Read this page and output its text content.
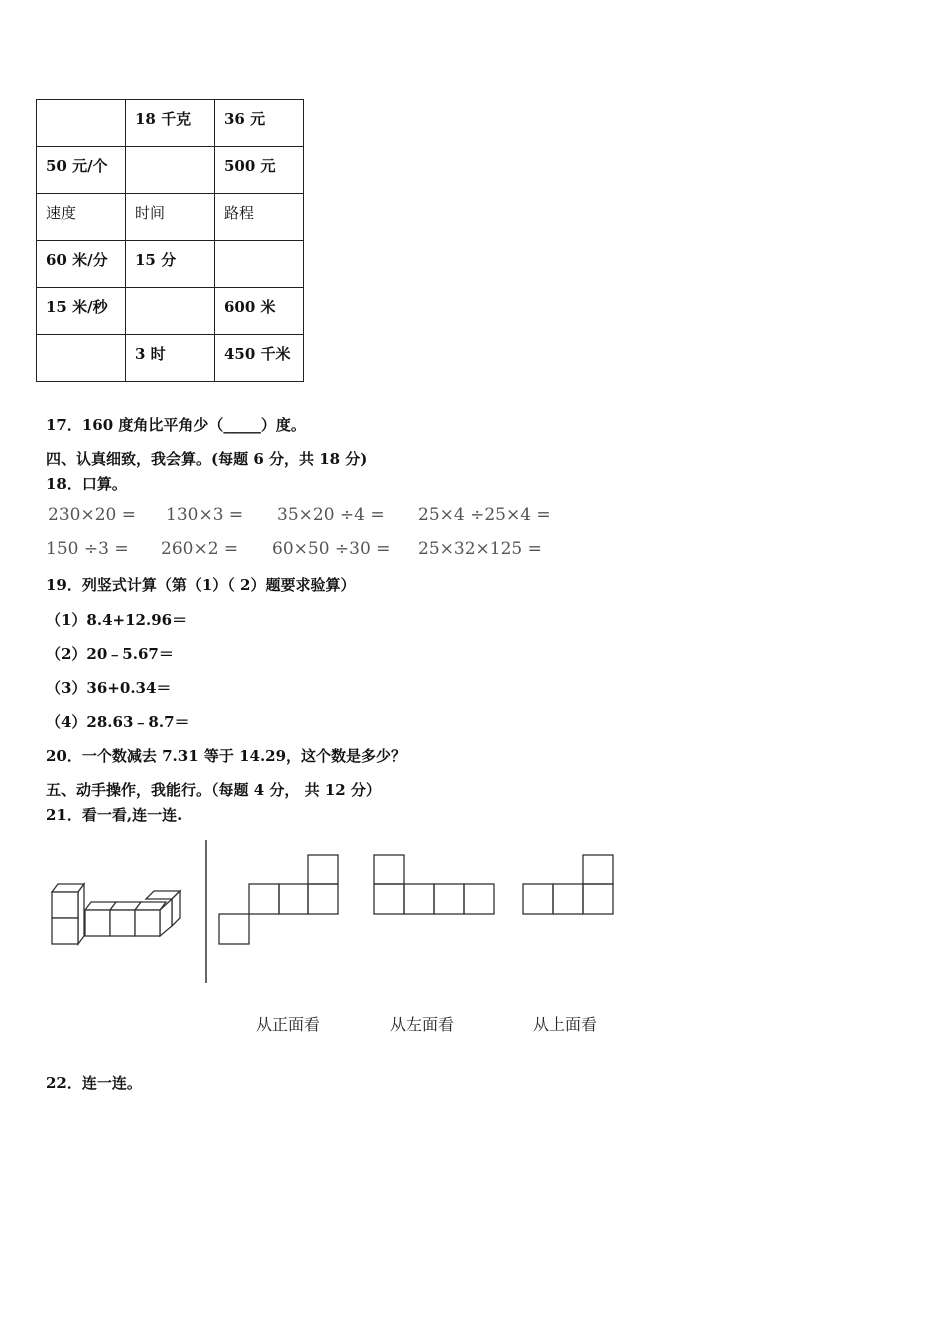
	18 千克	36 元
50 元/个		500 元
速度	时间	路程
60 米/分	15 分	
15 米/秒		600 米
	3 时	450 千米
17．160 度角比平角少（_____）度。
四、认真细致，我会算。(每题 6 分，共 18 分)
18．口算。
230×20 = 130×3 = 35×20 ÷4 = 25×4 ÷25×4 =
150 ÷3 = 260×2 = 60×50 ÷30 = 25×32×125 =
19．列竖式计算（第（1）（ 2）题要求验算）
（1）8.4+12.96＝
（2）20﹣5.67＝
（3）36+0.34＝
（4）28.63﹣8.7＝
20．一个数减去 7.31 等于 14.29，这个数是多少？
五、动手操作，我能行。（每题 4 分， 共 12 分）
21．看一看,连一连.
从正面看	从左面看	从上面看
22．连一连。
